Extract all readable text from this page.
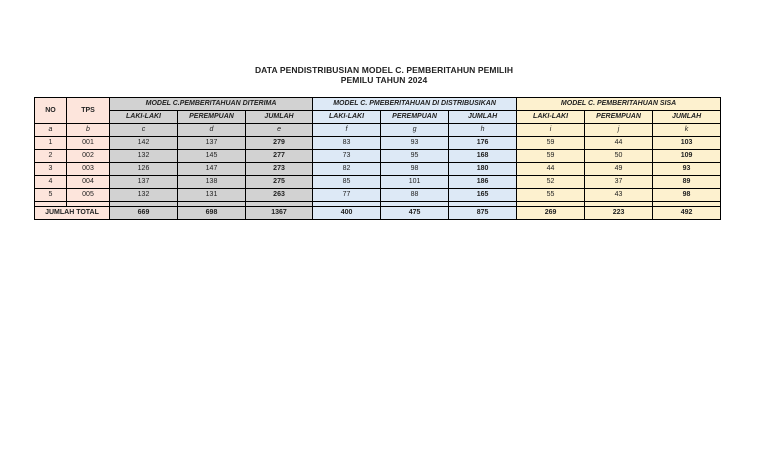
DATA PENDISTRIBUSIAN MODEL C. PEMBERITAHUN PEMILIH
PEMILU TAHUN 2024
NO	TPS	MODEL C.PEMBERITAHUAN DITERIMA			MODEL C. PMEBERITAHUAN DI DISTRIBUSIKAN			MODEL C. PEMBERITAHUAN SISA		
		LAKI-LAKI	PEREMPUAN	JUMLAH	LAKI-LAKI	PEREMPUAN	JUMLAH	LAKI-LAKI	PEREMPUAN	JUMLAH
a	b	c	d	e	f	g	h	i	j	k
1	001	142	137	279	83	93	176	59	44	103
2	002	132	145	277	73	95	168	59	50	109
3	003	126	147	273	82	98	180	44	49	93
4	004	137	138	275	85	101	186	52	37	89
5	005	132	131	263	77	88	165	55	43	98

JUMLAH TOTAL		669	698	1367	400	475	875	269	223	492
